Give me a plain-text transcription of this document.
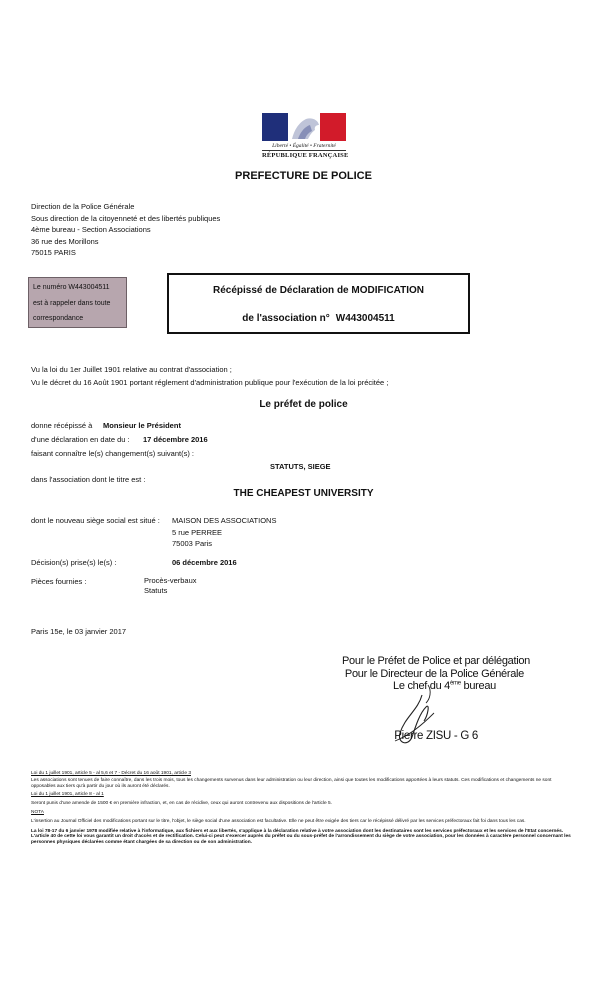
Liberté • Égalité • Fraternité
RÉPUBLIQUE FRANÇAISE
PREFECTURE DE POLICE
Direction de la Police Générale
Sous direction de la citoyenneté et des libertés publiques
4ème bureau - Section Associations
36 rue des Morillons
75015 PARIS
Le numéro W443004511
est à rappeler dans toute
correspondance
Récépissé de Déclaration de MODIFICATION
de l'association n° W443004511
Vu la loi du 1er Juillet 1901 relative au contrat d'association ;
Vu le décret du 16 Août 1901 portant réglement d'administration publique pour l'exécution de la loi précitée ;
Le préfet de police
donne récépissé à Monsieur le Président
d'une déclaration en date du : 17 décembre 2016
faisant connaître le(s) changement(s) suivant(s) :
STATUTS, SIEGE
dans l'association dont le titre est :
THE CHEAPEST UNIVERSITY
dont le nouveau siège social est situé : MAISON DES ASSOCIATIONS
5 rue PERREE
75003 Paris
Décision(s) prise(s) le(s) :	06 décembre 2016
Pièces fournies :	Procès-verbaux
Statuts
Paris 15e, le 03 janvier 2017
Pour le Préfet de Police et par délégation
Pour le Directeur de la Police Générale
Le chef du 4ème bureau
Pierre ZISU - G 6
Loi du 1 juillet 1901, article 5 - al 5,6 et 7 - Décret du 16 août 1901, article 3
Les associations sont tenues de faire connaître, dans les trois mois, tous les changements survenus dans leur administration ou leur direction, ainsi que toutes les modifications apportées à leurs statuts. Ces modifications et changements ne sont opposables aux tiers qu'à partir du jour où ils auront été déclarés.
Loi du 1 juillet 1901, article 8 - al 1
Seront punis d'une amende de 1500 € en première infraction, et, en cas de récidive, ceux qui auront contrevenu aux dispositions de l'article 5.
NOTA
L'insertion au Journal Officiel des modifications portant sur le titre, l'objet, le siège social d'une association est facultative. Elle ne peut être exigée des tiers car le récépissé délivré par les services préfectoraux fait foi dans tous les cas.
La loi 78-17 du 6 janvier 1978 modifiée relative à l'informatique, aux fichiers et aux libertés, s'applique à la déclaration relative à votre association dont les destinataires sont les services préfectoraux et les services de l'Etat concernés. L'article 40 de cette loi vous garantit un droit d'accès et de rectification. Celui-ci peut s'exercer auprès du préfet ou du sous-préfet de l'arrondissement du siège de votre association, pour les données à caractère personnel concernant les personnes physiques déclarées comme étant chargées de sa direction ou de son administration.
